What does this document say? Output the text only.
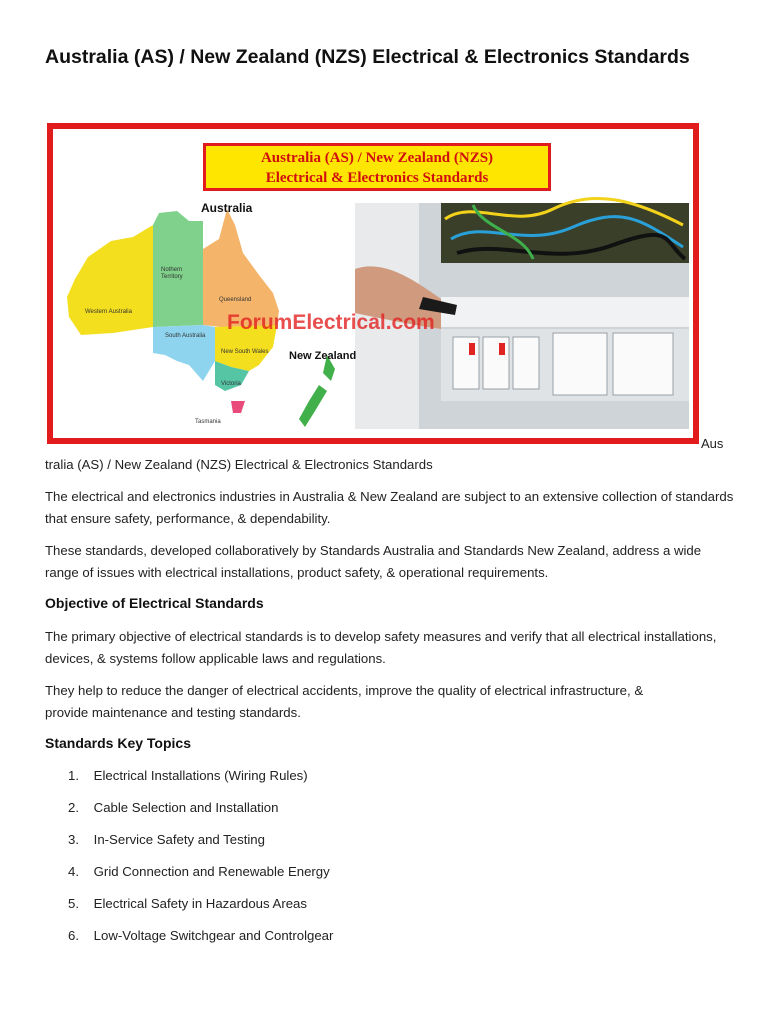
Australia (AS) / New Zealand (NZS) Electrical & Electronics Standards
Australia (AS) / New Zealand (NZS)
Electrical & Electronics Standards
Australia
New Zealand
Western Australia
Nothern Territory
Queensland
South Australia
New South Wales
Victoria
Tasmania
ForumElectrical.com
Aus

tralia (AS) / New Zealand (NZS) Electrical & Electronics Standards

The electrical and electronics industries in Australia & New Zealand are subject to an extensive collection of standards that ensure safety, performance, & dependability.

These standards, developed collaboratively by Standards Australia and Standards New Zealand, address a wide range of issues with electrical installations, product safety, & operational requirements.

Objective of Electrical Standards

The primary objective of electrical standards is to develop safety measures and verify that all electrical installations, devices, & systems follow applicable laws and regulations.

They help to reduce the danger of electrical accidents, improve the quality of electrical infrastructure, & provide maintenance and testing standards.

Standards Key Topics
1. Electrical Installations (Wiring Rules)
2. Cable Selection and Installation
3. In-Service Safety and Testing
4. Grid Connection and Renewable Energy
5. Electrical Safety in Hazardous Areas
6. Low-Voltage Switchgear and Controlgear
